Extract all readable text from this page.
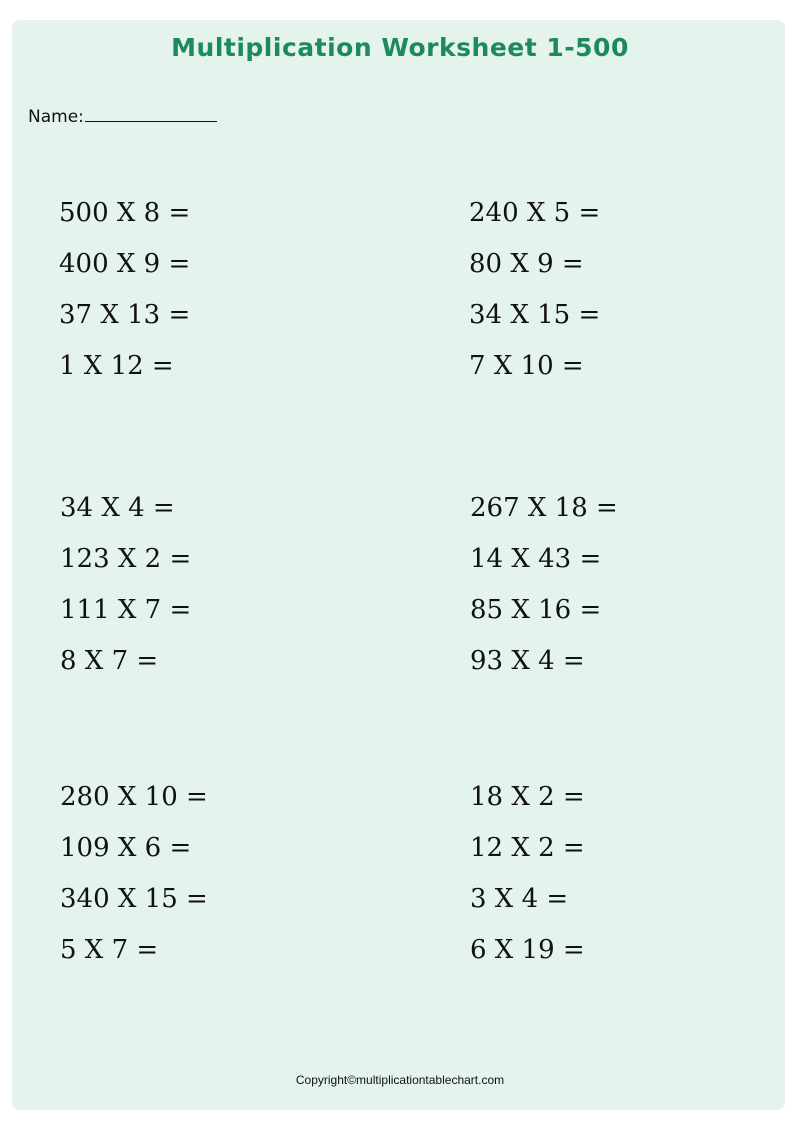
Multiplication Worksheet 1-500
Name:
500 X 8 =
400 X 9 =
37 X 13 =
1 X 12 =
240 X 5 =
80 X 9 =
34 X 15 =
7 X 10 =
34 X 4 =
123 X 2 =
111 X 7 =
8 X 7 =
267 X 18 =
14 X 43 =
85 X 16 =
93 X 4 =
280 X 10 =
109 X 6 =
340 X 15 =
5 X 7 =
18 X 2 =
12 X 2 =
3 X 4 =
6 X 19 =
Copyright©multiplicationtablechart.com
